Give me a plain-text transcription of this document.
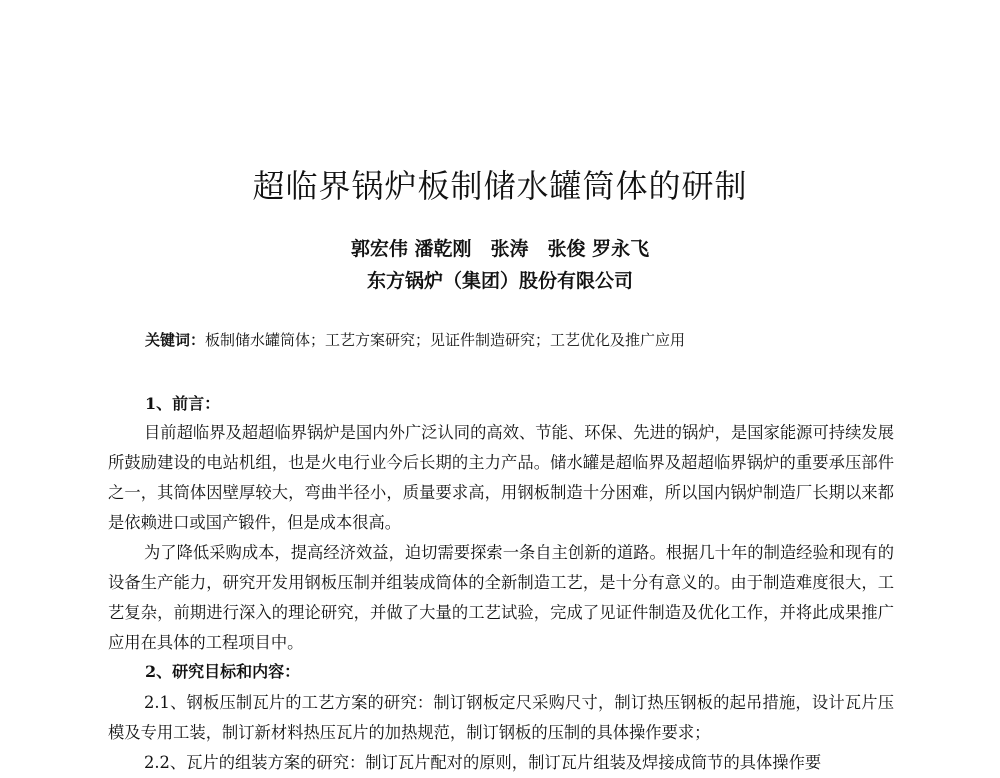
超临界锅炉板制储水罐筒体的研制

郭宏伟 潘乾刚　张涛　张俊 罗永飞

东方锅炉（集团）股份有限公司

关键词：板制储水罐筒体；工艺方案研究；见证件制造研究；工艺优化及推广应用

1、前言：

目前超临界及超超临界锅炉是国内外广泛认同的高效、节能、环保、先进的锅炉，是国家能源可持续发展所鼓励建设的电站机组，也是火电行业今后长期的主力产品。储水罐是超临界及超超临界锅炉的重要承压部件之一，其筒体因壁厚较大，弯曲半径小，质量要求高，用钢板制造十分困难，所以国内锅炉制造厂长期以来都是依赖进口或国产锻件，但是成本很高。

为了降低采购成本，提高经济效益，迫切需要探索一条自主创新的道路。根据几十年的制造经验和现有的设备生产能力，研究开发用钢板压制并组装成筒体的全新制造工艺，是十分有意义的。由于制造难度很大，工艺复杂，前期进行深入的理论研究，并做了大量的工艺试验，完成了见证件制造及优化工作，并将此成果推广应用在具体的工程项目中。

2、研究目标和内容：

2.1、钢板压制瓦片的工艺方案的研究：制订钢板定尺采购尺寸，制订热压钢板的起吊措施，设计瓦片压模及专用工装，制订新材料热压瓦片的加热规范，制订钢板的压制的具体操作要求；

2.2、瓦片的组装方案的研究：制订瓦片配对的原则，制订瓦片组装及焊接成筒节的具体操作要
